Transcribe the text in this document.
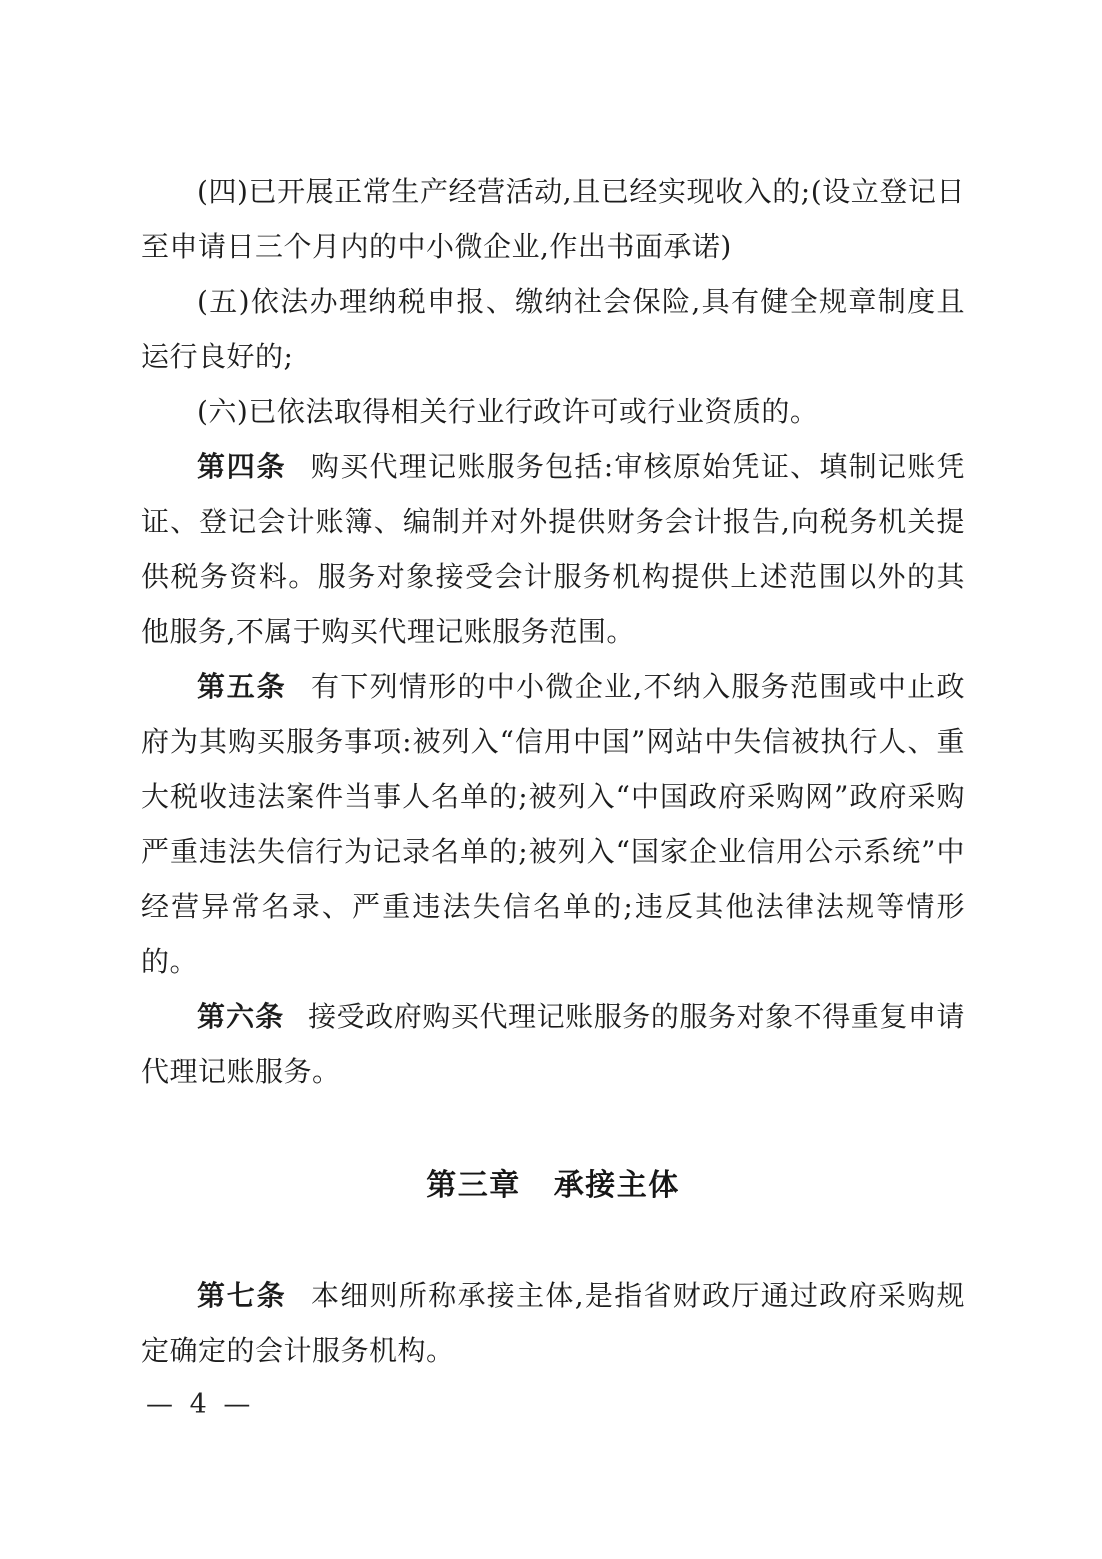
(四)已开展正常生产经营活动,且已经实现收入的;(设立登记日至申请日三个月内的中小微企业,作出书面承诺)

(五)依法办理纳税申报、缴纳社会保险,具有健全规章制度且运行良好的;

(六)已依法取得相关行业行政许可或行业资质的。

第四条 购买代理记账服务包括:审核原始凭证、填制记账凭证、登记会计账簿、编制并对外提供财务会计报告,向税务机关提供税务资料。服务对象接受会计服务机构提供上述范围以外的其他服务,不属于购买代理记账服务范围。

第五条 有下列情形的中小微企业,不纳入服务范围或中止政府为其购买服务事项:被列入“信用中国”网站中失信被执行人、重大税收违法案件当事人名单的;被列入“中国政府采购网”政府采购严重违法失信行为记录名单的;被列入“国家企业信用公示系统”中经营异常名录、严重违法失信名单的;违反其他法律法规等情形的。

第六条 接受政府购买代理记账服务的服务对象不得重复申请代理记账服务。

第三章 承接主体

第七条 本细则所称承接主体,是指省财政厅通过政府采购规定确定的会计服务机构。

— 4 —
